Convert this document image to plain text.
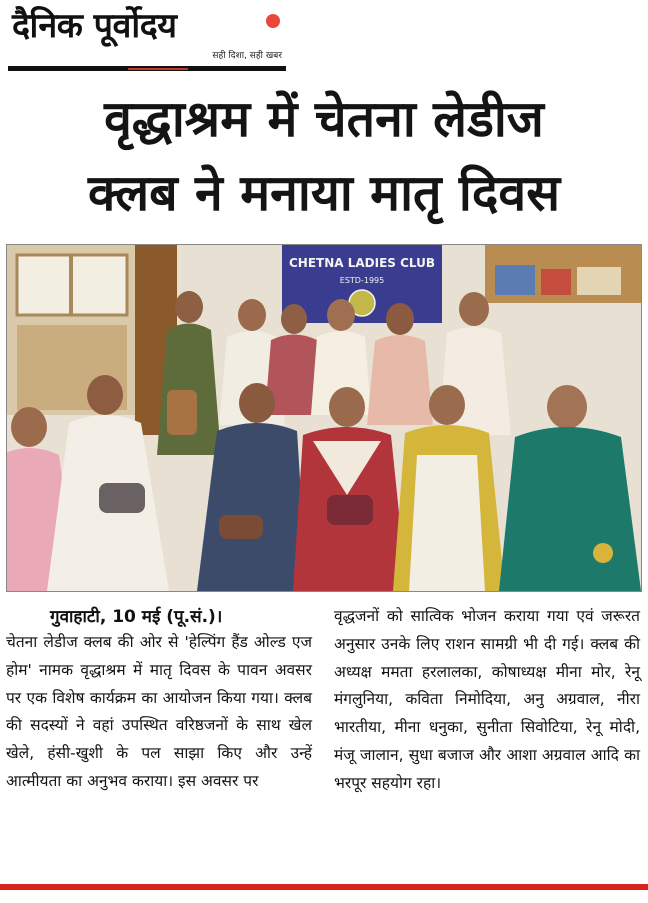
दैनिक पूर्वोदय
सही दिशा, सही खबर
वृद्धाश्रम में चेतना लेडीज
क्लब ने मनाया मातृ दिवस
CHETNA LADIES CLUB
ESTD-1995
गुवाहाटी, 10 मई (पू.सं.)।

चेतना लेडीज क्लब की ओर से 'हेल्पिंग हैंड ओल्ड एज होम' नामक वृद्धाश्रम में मातृ दिवस के पावन अवसर पर एक विशेष कार्यक्रम का आयोजन किया गया। क्लब की सदस्यों ने वहां उपस्थित वरिष्ठजनों के साथ खेल खेले, हंसी-खुशी के पल साझा किए और उन्हें आत्मीयता का अनुभव कराया। इस अवसर पर

वृद्धजनों को सात्विक भोजन कराया गया एवं जरूरत अनुसार उनके लिए राशन सामग्री भी दी गई। क्लब की अध्यक्ष ममता हरलालका, कोषाध्यक्ष मीना मोर, रेनू मंगलुनिया, कविता निमोदिया, अनु अग्रवाल, नीरा भारतीया, मीना धनुका, सुनीता सिवोटिया, रेनू मोदी, मंजू जालान, सुधा बजाज और आशा अग्रवाल आदि का भरपूर सहयोग रहा।
